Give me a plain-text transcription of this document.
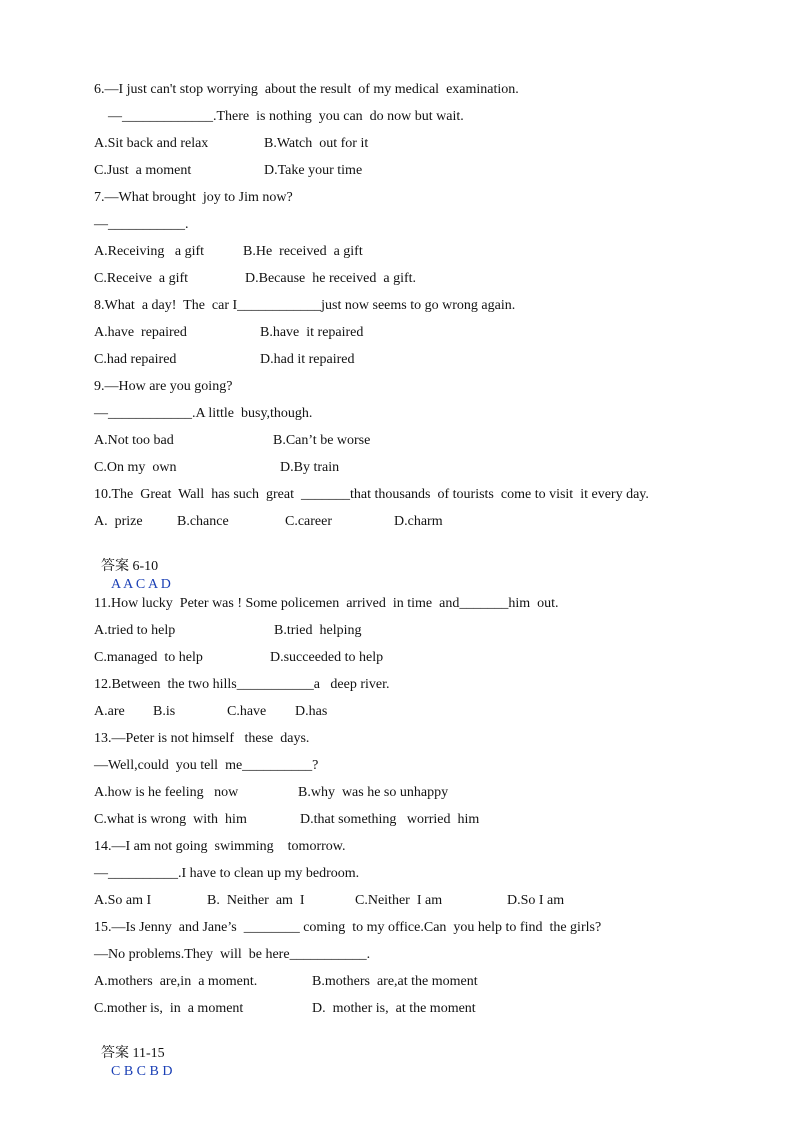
6.—I just can't stop worrying  about the result  of my medical  examination.
—_____________.There  is nothing  you can  do now but wait.
A.Sit back and relax	B.Watch  out for it
C.Just  a moment	D.Take your time
7.—What brought  joy to Jim now?
—___________.
A.Receiving   a gift	B.He  received  a gift
C.Receive  a gift	D.Because  he received  a gift.
8.What  a day!  The  car I____________just now seems to go wrong again.
A.have  repaired	B.have  it repaired
C.had repaired	D.had it repaired
9.—How are you going?
—____________.A little  busy,though.
A.Not too bad	B.Can’t be worse
C.On my  own	D.By train
10.The  Great  Wall  has such  great  _______that thousands  of tourists  come to visit  it every day.
A.  prize B.chance	C.career	D.charm

答案 6-10
A A C A D

11.How lucky  Peter was ! Some policemen  arrived  in time  and_______him  out.
A.tried to help	B.tried  helping
C.managed  to help	D.succeeded to help
12.Between  the two hills___________a   deep river.
A.are B.is	C.have D.has
13.—Peter is not himself   these  days.
—Well,could  you tell  me__________?
A.how is he feeling   now	B.why  was he so unhappy
C.what is wrong  with  him	D.that something   worried  him
14.—I am not going  swimming    tomorrow.
—__________.I have to clean up my bedroom.
A.So am I	B.  Neither  am  I	C.Neither  I am	D.So I am
15.—Is Jenny  and Jane’s  ________ coming  to my office.Can  you help to find  the girls?
—No problems.They  will  be here___________.
A.mothers  are,in  a moment.	B.mothers  are,at the moment
C.mother is,  in  a moment	D.  mother is,  at the moment

答案 11-15
C B C B D
